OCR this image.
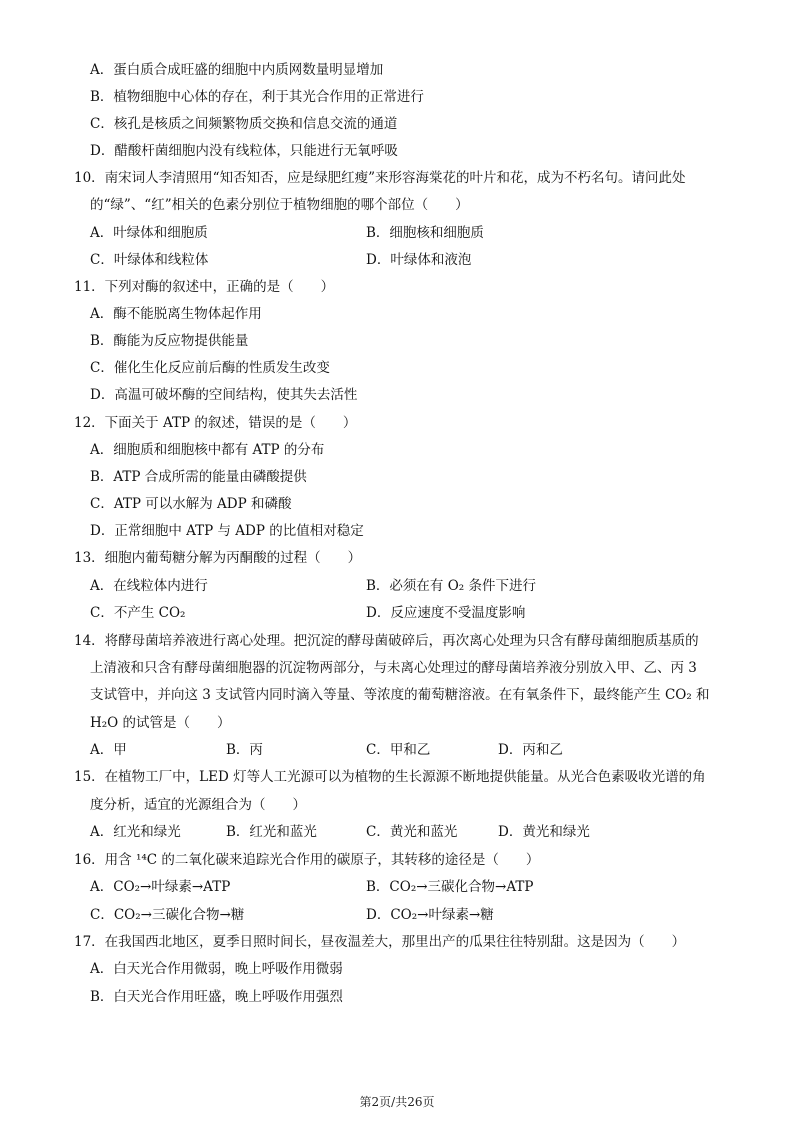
A．蛋白质合成旺盛的细胞中内质网数量明显增加
B．植物细胞中心体的存在，利于其光合作用的正常进行
C．核孔是核质之间频繁物质交换和信息交流的通道
D．醋酸杆菌细胞内没有线粒体，只能进行无氧呼吸
10．南宋词人李清照用“知否知否，应是绿肥红瘦”来形容海棠花的叶片和花，成为不朽名句。请问此处
的“绿”、“红”相关的色素分别位于植物细胞的哪个部位（　　）
A．叶绿体和细胞质	B．细胞核和细胞质
C．叶绿体和线粒体	D．叶绿体和液泡
11．下列对酶的叙述中，正确的是（　　）
A．酶不能脱离生物体起作用
B．酶能为反应物提供能量
C．催化生化反应前后酶的性质发生改变
D．高温可破坏酶的空间结构，使其失去活性
12．下面关于 ATP 的叙述，错误的是（　　）
A．细胞质和细胞核中都有 ATP 的分布
B．ATP 合成所需的能量由磷酸提供
C．ATP 可以水解为 ADP 和磷酸
D．正常细胞中 ATP 与 ADP 的比值相对稳定
13．细胞内葡萄糖分解为丙酮酸的过程（　　）
A．在线粒体内进行	B．必须在有 O₂ 条件下进行
C．不产生 CO₂	D．反应速度不受温度影响
14．将酵母菌培养液进行离心处理。把沉淀的酵母菌破碎后，再次离心处理为只含有酵母菌细胞质基质的
上清液和只含有酵母菌细胞器的沉淀物两部分，与未离心处理过的酵母菌培养液分别放入甲、乙、丙 3
支试管中，并向这 3 支试管内同时滴入等量、等浓度的葡萄糖溶液。在有氧条件下，最终能产生 CO₂ 和
H₂O 的试管是（　　）
A．甲	B．丙	C．甲和乙	D．丙和乙
15．在植物工厂中，LED 灯等人工光源可以为植物的生长源源不断地提供能量。从光合色素吸收光谱的角
度分析，适宜的光源组合为（　　）
A．红光和绿光	B．红光和蓝光	C．黄光和蓝光	D．黄光和绿光
16．用含 ¹⁴C 的二氧化碳来追踪光合作用的碳原子，其转移的途径是（　　）
A．CO₂→叶绿素→ATP	B．CO₂→三碳化合物→ATP
C．CO₂→三碳化合物→糖	D．CO₂→叶绿素→糖
17．在我国西北地区，夏季日照时间长，昼夜温差大，那里出产的瓜果往往特别甜。这是因为（　　）
A．白天光合作用微弱，晚上呼吸作用微弱
B．白天光合作用旺盛，晚上呼吸作用强烈
第2页/共26页
